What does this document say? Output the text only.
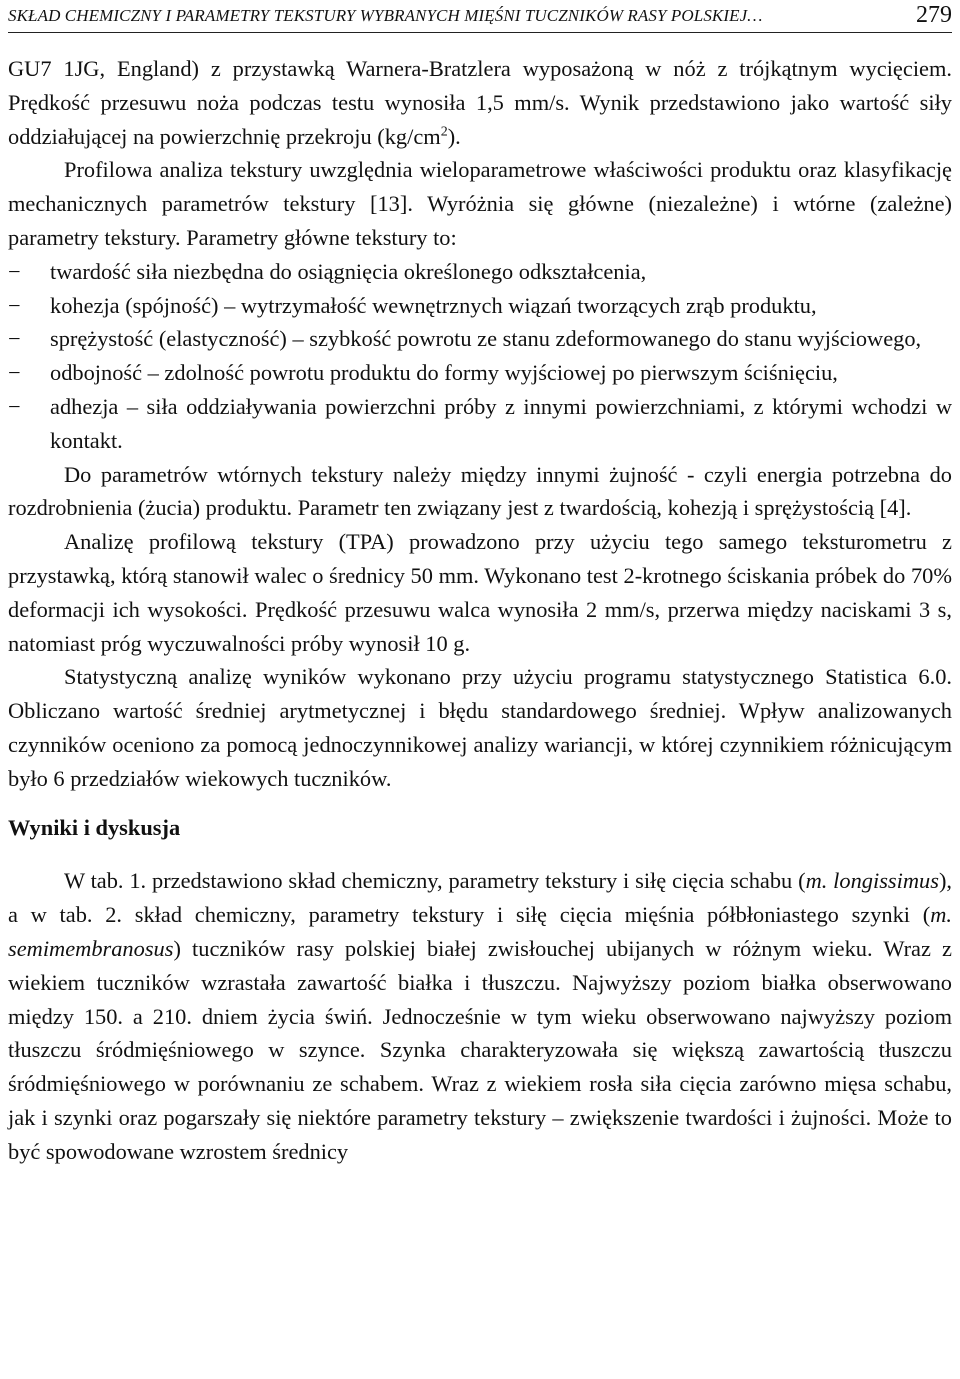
SKŁAD CHEMICZNY I PARAMETRY TEKSTURY WYBRANYCH MIĘŚNI TUCZNIKÓW RASY POLSKIEJ…	279

GU7 1JG, England) z przystawką Warnera-Bratzlera wyposażoną w nóż z trójkątnym wycięciem. Prędkość przesuwu noża podczas testu wynosiła 1,5 mm/s. Wynik przedstawiono jako wartość siły oddziałującej na powierzchnię przekroju $(kg/cm^2)$.

Profilowa analiza tekstury uwzględnia wieloparametrowe właściwości produktu oraz klasyfikację mechanicznych parametrów tekstury [13]. Wyróżnia się główne (niezależne) i wtórne (zależne) parametry tekstury. Parametry główne tekstury to:

− twardość siła niezbędna do osiągnięcia określonego odkształcenia,
− kohezja (spójność) – wytrzymałość wewnętrznych wiązań tworzących zrąb produktu,
− sprężystość (elastyczność) – szybkość powrotu ze stanu zdeformowanego do stanu wyjściowego,
− odbojność – zdolność powrotu produktu do formy wyjściowej po pierwszym ściśnięciu,
− adhezja – siła oddziaływania powierzchni próby z innymi powierzchniami, z którymi wchodzi w kontakt.

Do parametrów wtórnych tekstury należy między innymi żujność - czyli energia potrzebna do rozdrobnienia (żucia) produktu. Parametr ten związany jest z twardością, kohezją i sprężystością [4].

Analizę profilową tekstury (TPA) prowadzono przy użyciu tego samego teksturometru z przystawką, którą stanowił walec o średnicy 50 mm. Wykonano test 2-krotnego ściskania próbek do 70% deformacji ich wysokości. Prędkość przesuwu walca wynosiła 2 mm/s, przerwa między naciskami 3 s, natomiast próg wyczuwalności próby wynosił 10 g.

Statystyczną analizę wyników wykonano przy użyciu programu statystycznego Statistica 6.0. Obliczano wartość średniej arytmetycznej i błędu standardowego średniej. Wpływ analizowanych czynników oceniono za pomocą jednoczynnikowej analizy wariancji, w której czynnikiem różnicującym było 6 przedziałów wiekowych tuczników.

Wyniki i dyskusja

W tab. 1. przedstawiono skład chemiczny, parametry tekstury i siłę cięcia schabu (m. longissimus), a w tab. 2. skład chemiczny, parametry tekstury i siłę cięcia mięśnia półbłoniastego szynki (m. semimembranosus) tuczników rasy polskiej białej zwisłouchej ubijanych w różnym wieku. Wraz z wiekiem tuczników wzrastała zawartość białka i tłuszczu. Najwyższy poziom białka obserwowano między 150. a 210. dniem życia świń. Jednocześnie w tym wieku obserwowano najwyższy poziom tłuszczu śródmięśniowego w szynce. Szynka charakteryzowała się większą zawartością tłuszczu śródmięśniowego w porównaniu ze schabem. Wraz z wiekiem rosła siła cięcia zarówno mięsa schabu, jak i szynki oraz pogarszały się niektóre parametry tekstury – zwiększenie twardości i żujności. Może to być spowodowane wzrostem średnicy
